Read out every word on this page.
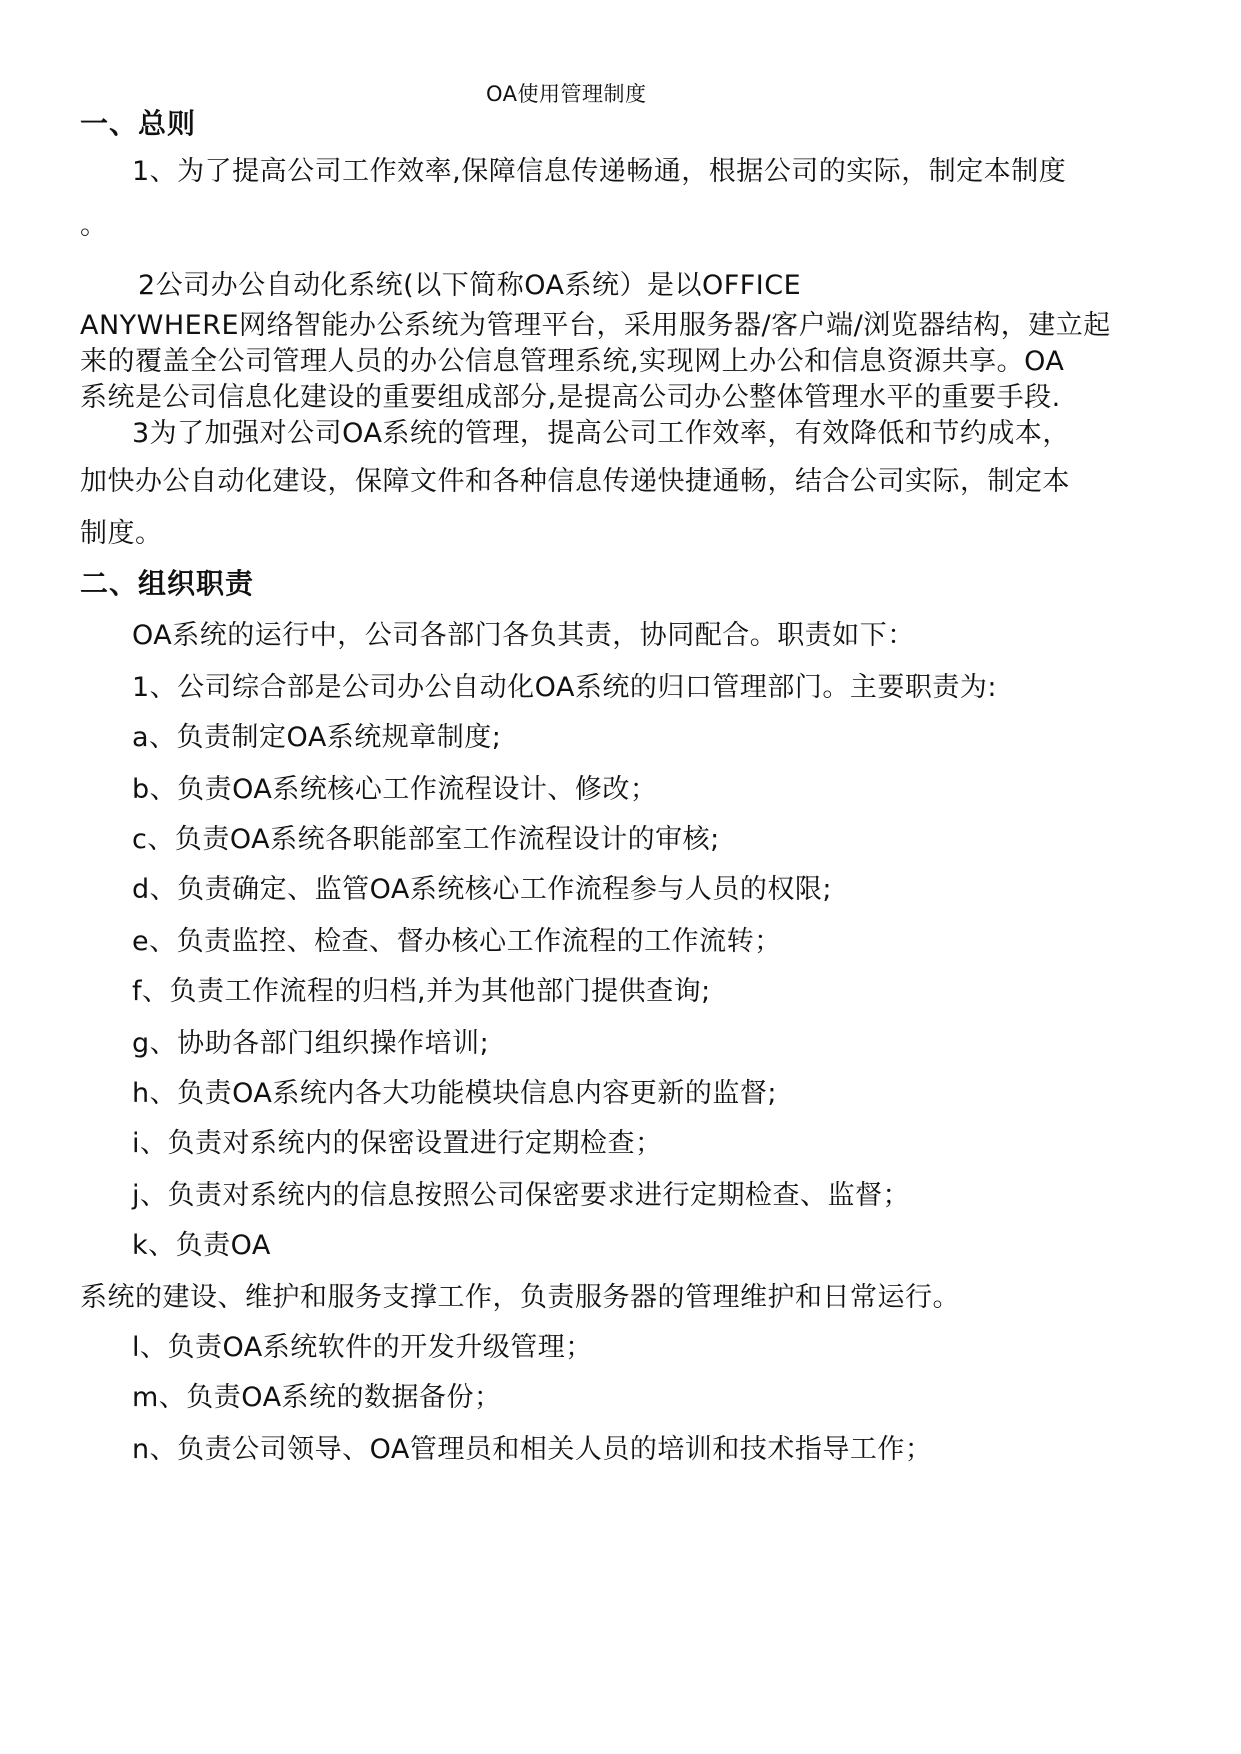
OA使用管理制度
一、总则
1、为了提高公司工作效率,保障信息传递畅通，根据公司的实际，制定本制度
。
2公司办公自动化系统(以下简称OA系统）是以OFFICE
ANYWHERE网络智能办公系统为管理平台，采用服务器/客户端/浏览器结构，建立起
来的覆盖全公司管理人员的办公信息管理系统,实现网上办公和信息资源共享。OA
系统是公司信息化建设的重要组成部分,是提高公司办公整体管理水平的重要手段.
3为了加强对公司OA系统的管理，提高公司工作效率，有效降低和节约成本，
加快办公自动化建设，保障文件和各种信息传递快捷通畅，结合公司实际，制定本
制度。
二、组织职责
OA系统的运行中，公司各部门各负其责，协同配合。职责如下：
1、公司综合部是公司办公自动化OA系统的归口管理部门。主要职责为:
a、负责制定OA系统规章制度;
b、负责OA系统核心工作流程设计、修改；
c、负责OA系统各职能部室工作流程设计的审核;
d、负责确定、监管OA系统核心工作流程参与人员的权限;
e、负责监控、检查、督办核心工作流程的工作流转；
f、负责工作流程的归档,并为其他部门提供查询;
g、协助各部门组织操作培训;
h、负责OA系统内各大功能模块信息内容更新的监督;
i、负责对系统内的保密设置进行定期检查；
j、负责对系统内的信息按照公司保密要求进行定期检查、监督；
k、负责OA
系统的建设、维护和服务支撑工作，负责服务器的管理维护和日常运行。
l、负责OA系统软件的开发升级管理；
m、负责OA系统的数据备份；
n、负责公司领导、OA管理员和相关人员的培训和技术指导工作；
